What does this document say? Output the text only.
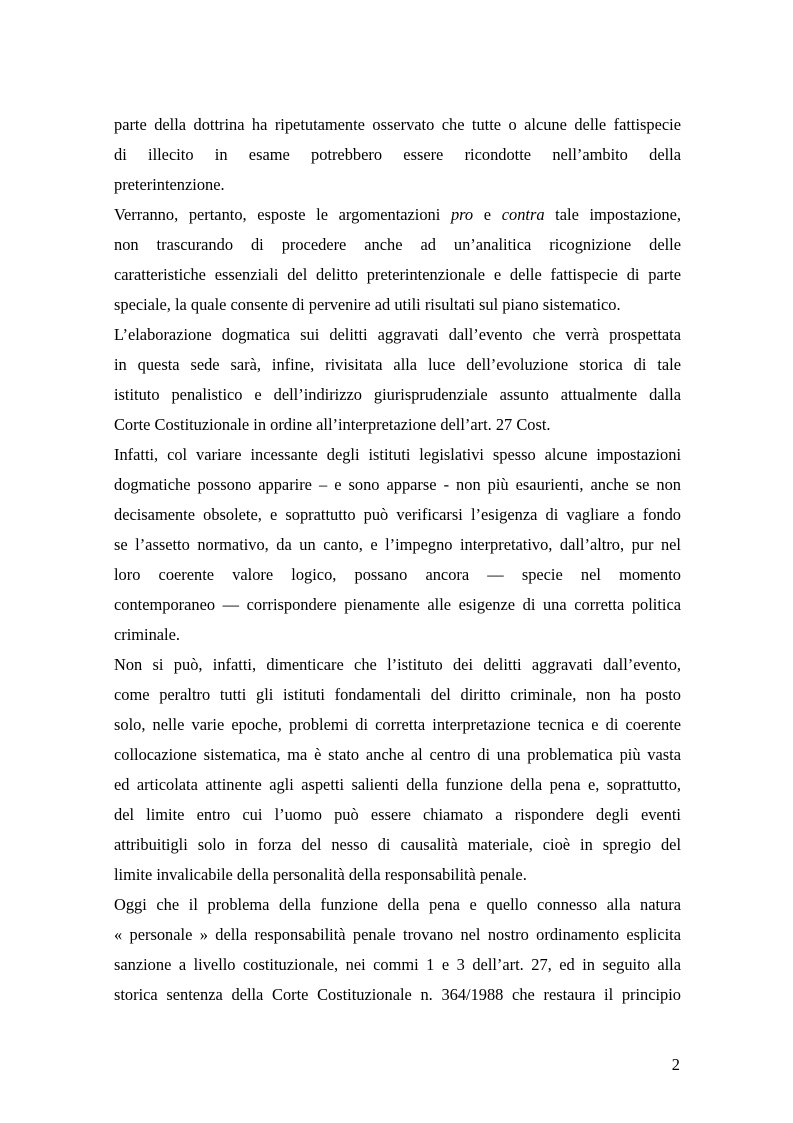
parte della dottrina ha ripetutamente osservato che tutte o alcune delle fattispecie
di illecito in esame potrebbero essere ricondotte nell’ambito della
preterintenzione.
Verranno, pertanto, esposte le argomentazioni pro e contra tale impostazione,
non trascurando di procedere anche ad un’analitica ricognizione delle
caratteristiche essenziali del delitto preterintenzionale e delle fattispecie di parte
speciale, la quale consente di pervenire ad utili risultati sul piano sistematico.
L’elaborazione dogmatica sui delitti aggravati dall’evento che verrà prospettata
in questa sede sarà, infine, rivisitata alla luce dell’evoluzione storica di tale
istituto penalistico e dell’indirizzo giurisprudenziale assunto attualmente dalla
Corte Costituzionale in ordine all’interpretazione dell’art. 27 Cost.
Infatti, col variare incessante degli istituti legislativi spesso alcune impostazioni
dogmatiche possono apparire – e sono apparse - non più esaurienti, anche se non
decisamente obsolete, e soprattutto può verificarsi l’esigenza di vagliare a fondo
se l’assetto normativo, da un canto, e l’impegno interpretativo, dall’altro, pur nel
loro coerente valore logico, possano ancora — specie nel momento
contemporaneo — corrispondere pienamente alle esigenze di una corretta politica
criminale.
Non si può, infatti, dimenticare che l’istituto dei delitti aggravati dall’evento,
come peraltro tutti gli istituti fondamentali del diritto criminale, non ha posto
solo, nelle varie epoche, problemi di corretta interpretazione tecnica e di coerente
collocazione sistematica, ma è stato anche al centro di una problematica più vasta
ed articolata attinente agli aspetti salienti della funzione della pena e, soprattutto,
del limite entro cui l’uomo può essere chiamato a rispondere degli eventi
attribuitigli solo in forza del nesso di causalità materiale, cioè in spregio del
limite invalicabile della personalità della responsabilità penale.
Oggi che il problema della funzione della pena e quello connesso alla natura
« personale » della responsabilità penale trovano nel nostro ordinamento esplicita
sanzione a livello costituzionale, nei commi 1 e 3 dell’art. 27, ed in seguito alla
storica sentenza della Corte Costituzionale n. 364/1988 che restaura il principio
2
